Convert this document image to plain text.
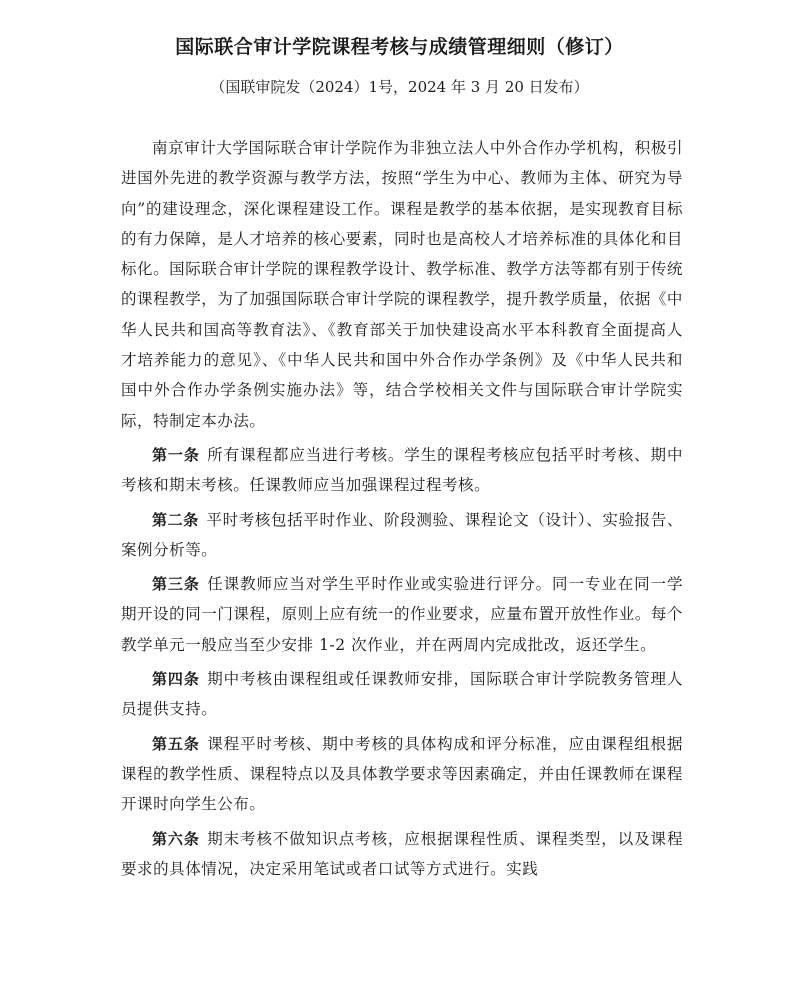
国际联合审计学院课程考核与成绩管理细则（修订）

（国联审院发（2024）1号，2024 年 3 月 20 日发布）

南京审计大学国际联合审计学院作为非独立法人中外合作办学机构，积极引进国外先进的教学资源与教学方法，按照“学生为中心、教师为主体、研究为导向”的建设理念，深化课程建设工作。课程是教学的基本依据，是实现教育目标的有力保障，是人才培养的核心要素，同时也是高校人才培养标准的具体化和目标化。国际联合审计学院的课程教学设计、教学标准、教学方法等都有别于传统的课程教学，为了加强国际联合审计学院的课程教学，提升教学质量，依据《中华人民共和国高等教育法》、《教育部关于加快建设高水平本科教育全面提高人才培养能力的意见》、《中华人民共和国中外合作办学条例》及《中华人民共和国中外合作办学条例实施办法》等，结合学校相关文件与国际联合审计学院实际，特制定本办法。

第一条 所有课程都应当进行考核。学生的课程考核应包括平时考核、期中考核和期末考核。任课教师应当加强课程过程考核。

第二条 平时考核包括平时作业、阶段测验、课程论文（设计）、实验报告、案例分析等。

第三条 任课教师应当对学生平时作业或实验进行评分。同一专业在同一学期开设的同一门课程，原则上应有统一的作业要求，应量布置开放性作业。每个教学单元一般应当至少安排 1-2 次作业，并在两周内完成批改，返还学生。

第四条 期中考核由课程组或任课教师安排，国际联合审计学院教务管理人员提供支持。

第五条 课程平时考核、期中考核的具体构成和评分标准，应由课程组根据课程的教学性质、课程特点以及具体教学要求等因素确定，并由任课教师在课程开课时向学生公布。

第六条 期末考核不做知识点考核，应根据课程性质、课程类型，以及课程要求的具体情况，决定采用笔试或者口试等方式进行。实践
